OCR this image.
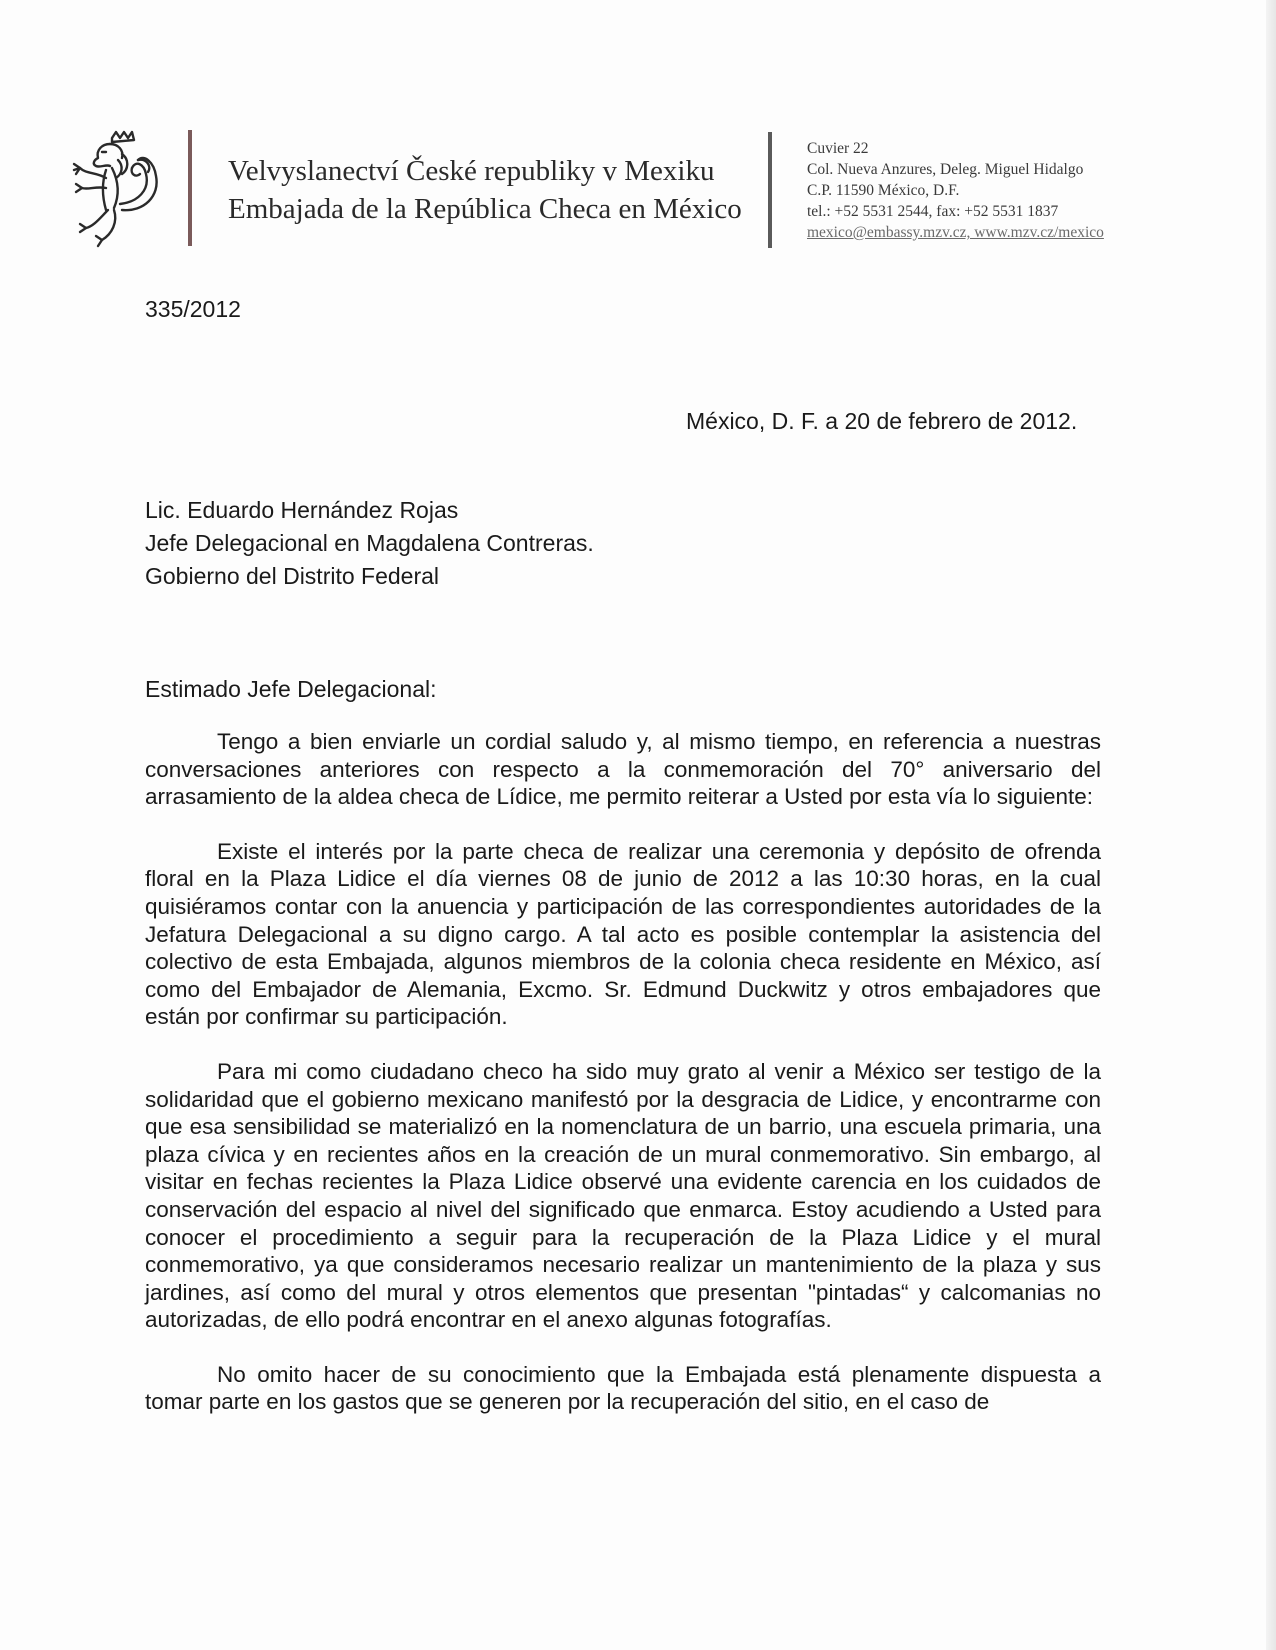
Velvyslanectví České republiky v Mexiku
Embajada de la República Checa en México
Cuvier 22
Col. Nueva Anzures, Deleg. Miguel Hidalgo
C.P. 11590 México, D.F.
tel.: +52 5531 2544, fax: +52 5531 1837
mexico@embassy.mzv.cz, www.mzv.cz/mexico
335/2012
México, D. F. a 20 de febrero de 2012.
Lic. Eduardo Hernández Rojas
Jefe Delegacional en Magdalena Contreras.
Gobierno del Distrito Federal
Estimado Jefe Delegacional:

Tengo a bien enviarle un cordial saludo y, al mismo tiempo, en referencia a nuestras conversaciones anteriores con respecto a la conmemoración del 70° aniversario del arrasamiento de la aldea checa de Lídice, me permito reiterar a Usted por esta vía lo siguiente:

Existe el interés por la parte checa de realizar una ceremonia y depósito de ofrenda floral en la Plaza Lidice el día viernes 08 de junio de 2012 a las 10:30 horas, en la cual quisiéramos contar con la anuencia y participación de las correspondientes autoridades de la Jefatura Delegacional a su digno cargo. A tal acto es posible contemplar la asistencia del colectivo de esta Embajada, algunos miembros de la colonia checa residente en México, así como del Embajador de Alemania, Excmo. Sr. Edmund Duckwitz y otros embajadores que están por confirmar su participación.

Para mi como ciudadano checo ha sido muy grato al venir a México ser testigo de la solidaridad que el gobierno mexicano manifestó por la desgracia de Lidice, y encontrarme con que esa sensibilidad se materializó en la nomenclatura de un barrio, una escuela primaria, una plaza cívica y en recientes años en la creación de un mural conmemorativo. Sin embargo, al visitar en fechas recientes la Plaza Lidice observé una evidente carencia en los cuidados de conservación del espacio al nivel del significado que enmarca. Estoy acudiendo a Usted para conocer el procedimiento a seguir para la recuperación de la Plaza Lidice y el mural conmemorativo, ya que consideramos necesario realizar un mantenimiento de la plaza y sus jardines, así como del mural y otros elementos que presentan "pintadas“ y calcomanias no autorizadas, de ello podrá encontrar en el anexo algunas fotografías.

No omito hacer de su conocimiento que la Embajada está plenamente dispuesta a tomar parte en los gastos que se generen por la recuperación del sitio, en el caso de
